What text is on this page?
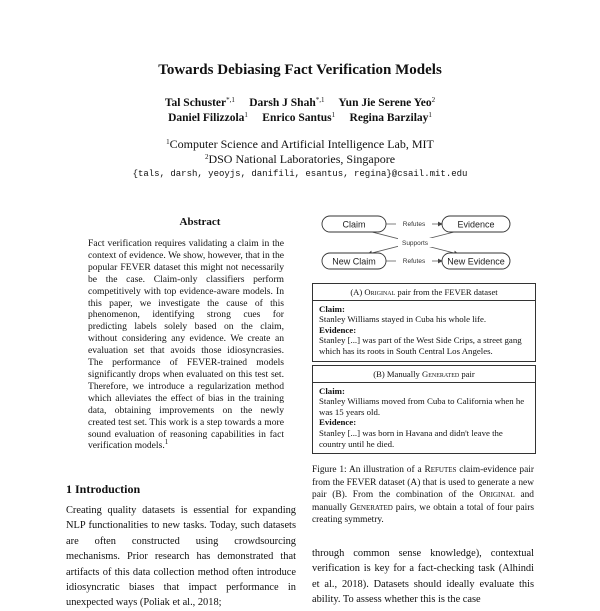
Towards Debiasing Fact Verification Models
Tal Schuster$^{*,1}$ Darsh J Shah$^{*,1}$ Yun Jie Serene Yeo$^2$
Daniel Filizzola$^1$ Enrico Santus$^1$ Regina Barzilay$^1$
$^1$Computer Science and Artificial Intelligence Lab, MIT
$^2$DSO National Laboratories, Singapore
{tals, darsh, yeoyjs, danifili, esantus, regina}@csail.mit.edu
Abstract
Fact verification requires validating a claim in the context of evidence. We show, however, that in the popular FEVER dataset this might not necessarily be the case. Claim-only classifiers perform competitively with top evidence-aware models. In this paper, we investigate the cause of this phenomenon, identifying strong cues for predicting labels solely based on the claim, without considering any evidence. We create an evaluation set that avoids those idiosyncrasies. The performance of FEVER-trained models significantly drops when evaluated on this test set. Therefore, we introduce a regularization method which alleviates the effect of bias in the training data, obtaining improvements on the newly created test set. This work is a step towards a more sound evaluation of reasoning capabilities in fact verification models.$^1$
1 Introduction
Creating quality datasets is essential for expanding NLP functionalities to new tasks. Today, such datasets are often constructed using crowdsourcing mechanisms. Prior research has demonstrated that artifacts of this data collection method often introduce idiosyncratic biases that impact performance in unexpected ways (Poliak et al., 2018;
through common sense knowledge), contextual verification is key for a fact-checking task (Alhindi et al., 2018). Datasets should ideally evaluate this ability. To assess whether this is the case
Refutes
Refutes
Supports
Claim	Evidence
New Claim	New Evidence
(A) Original pair from the FEVER dataset
Claim:
Stanley Williams stayed in Cuba his whole life.
Evidence:
Stanley [...] was part of the West Side Crips, a street gang which has its roots in South Central Los Angeles.
(B) Manually Generated pair
Claim:
Stanley Williams moved from Cuba to California when he was 15 years old.
Evidence:
Stanley [...] was born in Havana and didn't leave the country until he died.
Figure 1: An illustration of a Refutes claim-evidence pair from the FEVER dataset (A) that is used to generate a new pair (B). From the combination of the Original and manually Generated pairs, we obtain a total of four pairs creating symmetry.
